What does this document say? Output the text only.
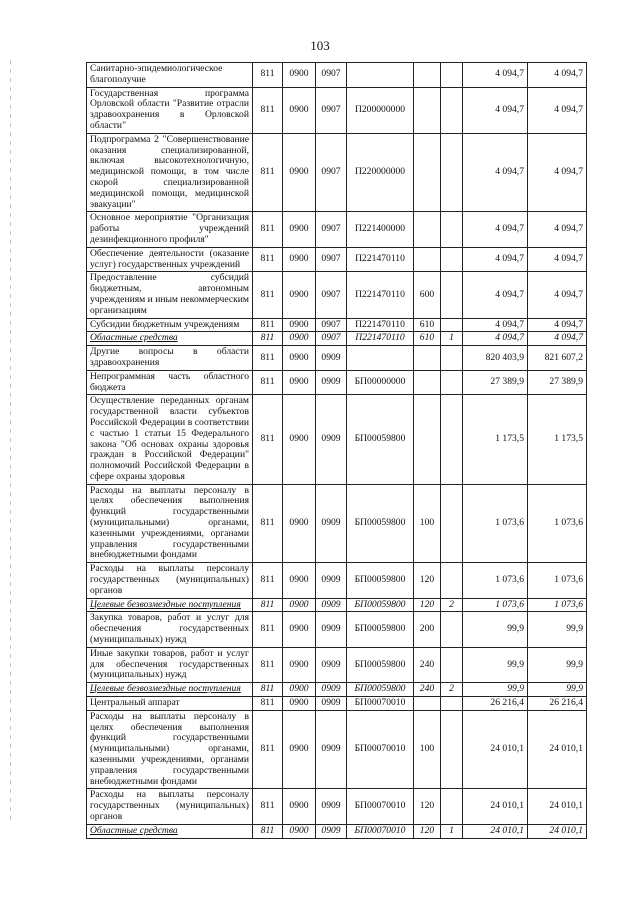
103
Санитарно-эпидемиологическое благополучие	811	0900	0907				4 094,7	4 094,7
Государственная программа Орловской области "Развитие отрасли здравоохранения в Орловской области"	811	0900	0907	П200000000			4 094,7	4 094,7
Подпрограмма 2 "Совершенствование оказания специализированной, включая высокотехнологичную, медицинской помощи, в том числе скорой специализированной медицинской помощи, медицинской эвакуации"	811	0900	0907	П220000000			4 094,7	4 094,7
Основное мероприятие "Организация работы учреждений дезинфекционного профиля"	811	0900	0907	П221400000			4 094,7	4 094,7
Обеспечение деятельности (оказание услуг) государственных учреждений	811	0900	0907	П221470110			4 094,7	4 094,7
Предоставление субсидий бюджетным, автономным учреждениям и иным некоммерческим организациям	811	0900	0907	П221470110	600		4 094,7	4 094,7
Субсидии бюджетным учреждениям	811	0900	0907	П221470110	610		4 094,7	4 094,7
Областные средства	811	0900	0907	П221470110	610	1	4 094,7	4 094,7
Другие вопросы в области здравоохранения	811	0900	0909				820 403,9	821 607,2
Непрограммная часть областного бюджета	811	0900	0909	БП00000000			27 389,9	27 389,9
Осуществление переданных органам государственной власти субъектов Российской Федерации в соответствии с частью 1 статьи 15 Федерального закона "Об основах охраны здоровья граждан в Российской Федерации" полномочий Российской Федерации в сфере охраны здоровья	811	0900	0909	БП00059800			1 173,5	1 173,5
Расходы на выплаты персоналу в целях обеспечения выполнения функций государственными (муниципальными) органами, казенными учреждениями, органами управления государственными внебюджетными фондами	811	0900	0909	БП00059800	100		1 073,6	1 073,6
Расходы на выплаты персоналу государственных (муниципальных) органов	811	0900	0909	БП00059800	120		1 073,6	1 073,6
Целевые безвозмездные поступления	811	0900	0909	БП00059800	120	2	1 073,6	1 073,6
Закупка товаров, работ и услуг для обеспечения государственных (муниципальных) нужд	811	0900	0909	БП00059800	200		99,9	99,9
Иные закупки товаров, работ и услуг для обеспечения государственных (муниципальных) нужд	811	0900	0909	БП00059800	240		99,9	99,9
Целевые безвозмездные поступления	811	0900	0909	БП00059800	240	2	99,9	99,9
Центральный аппарат	811	0900	0909	БП00070010			26 216,4	26 216,4
Расходы на выплаты персоналу в целях обеспечения выполнения функций государственными (муниципальными) органами, казенными учреждениями, органами управления государственными внебюджетными фондами	811	0900	0909	БП00070010	100		24 010,1	24 010,1
Расходы на выплаты персоналу государственных (муниципальных) органов	811	0900	0909	БП00070010	120		24 010,1	24 010,1
Областные средства	811	0900	0909	БП00070010	120	1	24 010,1	24 010,1
